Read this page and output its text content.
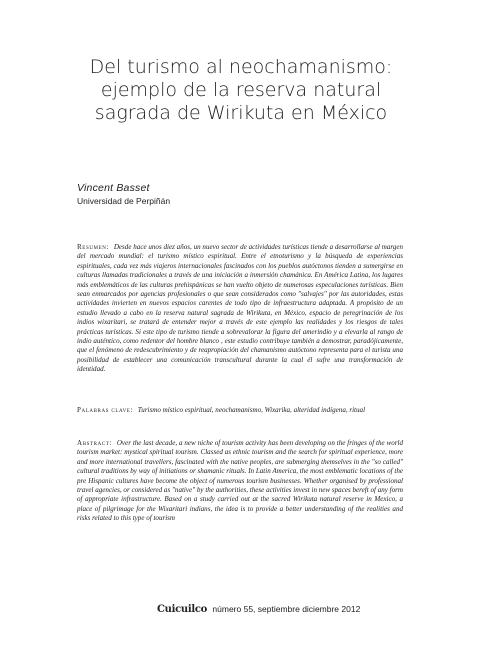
Del turismo al neochamanismo:
ejemplo de la reserva natural
sagrada de Wirikuta en México
Vincent Basset
Universidad de Perpiñán
Resumen: Desde hace unos diez años, un nuevo sector de actividades turísticas tiende a desarrollarse al margen del mercado mundial: el turismo místico espiritual. Entre el etnoturismo y la búsqueda de experiencias espirituales, cada vez más viajeros internacionales fascinados con los pueblos autóctonos tienden a sumergirse en culturas llamadas tradicionales a través de una iniciación a inmersión chamánica. En América Latina, los lugares más emblemáticos de las culturas prehispánicas se han vuelto objeto de numerosas especulaciones turísticas. Bien sean enmarcados por agencias profesionales o que sean considerados como "salvajes" por las autoridades, estas actividades invierten en nuevos espacios carentes de todo tipo de infraestructura adaptada. A propósito de un estudio llevado a cabo en la reserva natural sagrada de Wirikuta, en México, espacio de peregrinación de los indios wixaritari, se tratará de entender mejor a través de este ejemplo las realidades y los riesgos de tales prácticas turísticas. Si este tipo de turismo tiende a sobrevalorar la figura del amerindio y a elevarla al rango de indio auténtico, como redentor del hombre blanco , este estudio contribuye también a demostrar, paradójicamente, que el fenómeno de redescubrimiento y de reapropiación del chamanismo autóctono representa para el turista una posibilidad de establecer una comunicación transcultural durante la cual él sufre una transformación de identidad.
Palabras clave: Turismo místico espiritual, neochamanismo, Wixarika, alteridad indígena, ritual
Abstract: Over the last decade, a new niche of tourism activity has been developing on the fringes of the world tourism market: mystical spiritual tourism. Classed as ethnic tourism and the search for spiritual experience, more and more international travellers, fascinated with the native peoples, are submerging themselves in the "so called" cultural traditions by way of initiations or shamanic rituals. In Latin America, the most emblematic locations of the pre Hispanic cultures have become the object of numerous tourism businesses. Whether organised by professional travel agencies, or considered as "native" by the authorities, these activities invest in new spaces bereft of any form of appropriate infrastructure. Based on a study carried out at the sacred Wirikuta natural reserve in Mexico, a place of pilgrimage for the Wixaritari indians, the idea is to provide a better understanding of the realities and risks related to this type of tourism
Cuicuilco número 55, septiembre diciembre 2012
